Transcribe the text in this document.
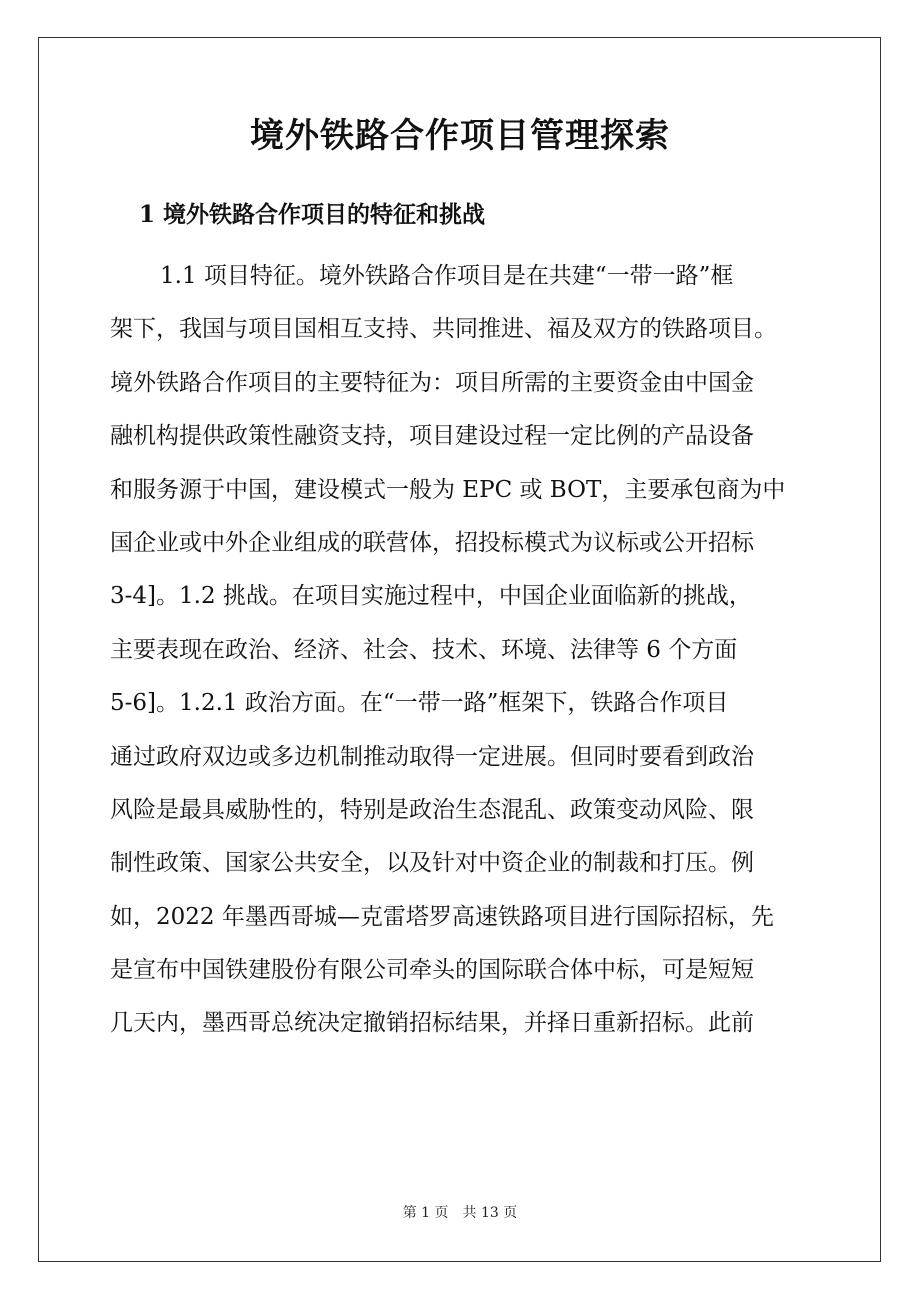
境外铁路合作项目管理探索
1 境外铁路合作项目的特征和挑战
1.1 项目特征。境外铁路合作项目是在共建“一带一路”框
架下，我国与项目国相互支持、共同推进、福及双方的铁路项目。
境外铁路合作项目的主要特征为：项目所需的主要资金由中国金
融机构提供政策性融资支持，项目建设过程一定比例的产品设备
和服务源于中国，建设模式一般为 EPC 或 BOT，主要承包商为中
国企业或中外企业组成的联营体，招投标模式为议标或公开招标
3-4]。1.2 挑战。在项目实施过程中，中国企业面临新的挑战，
主要表现在政治、经济、社会、技术、环境、法律等 6 个方面
5-6]。1.2.1 政治方面。在“一带一路”框架下，铁路合作项目
通过政府双边或多边机制推动取得一定进展。但同时要看到政治
风险是最具威胁性的，特别是政治生态混乱、政策变动风险、限
制性政策、国家公共安全，以及针对中资企业的制裁和打压。例
如，2022 年墨西哥城—克雷塔罗高速铁路项目进行国际招标，先
是宣布中国铁建股份有限公司牵头的国际联合体中标，可是短短
几天内，墨西哥总统决定撤销招标结果，并择日重新招标。此前
第 1 页 共 13 页
